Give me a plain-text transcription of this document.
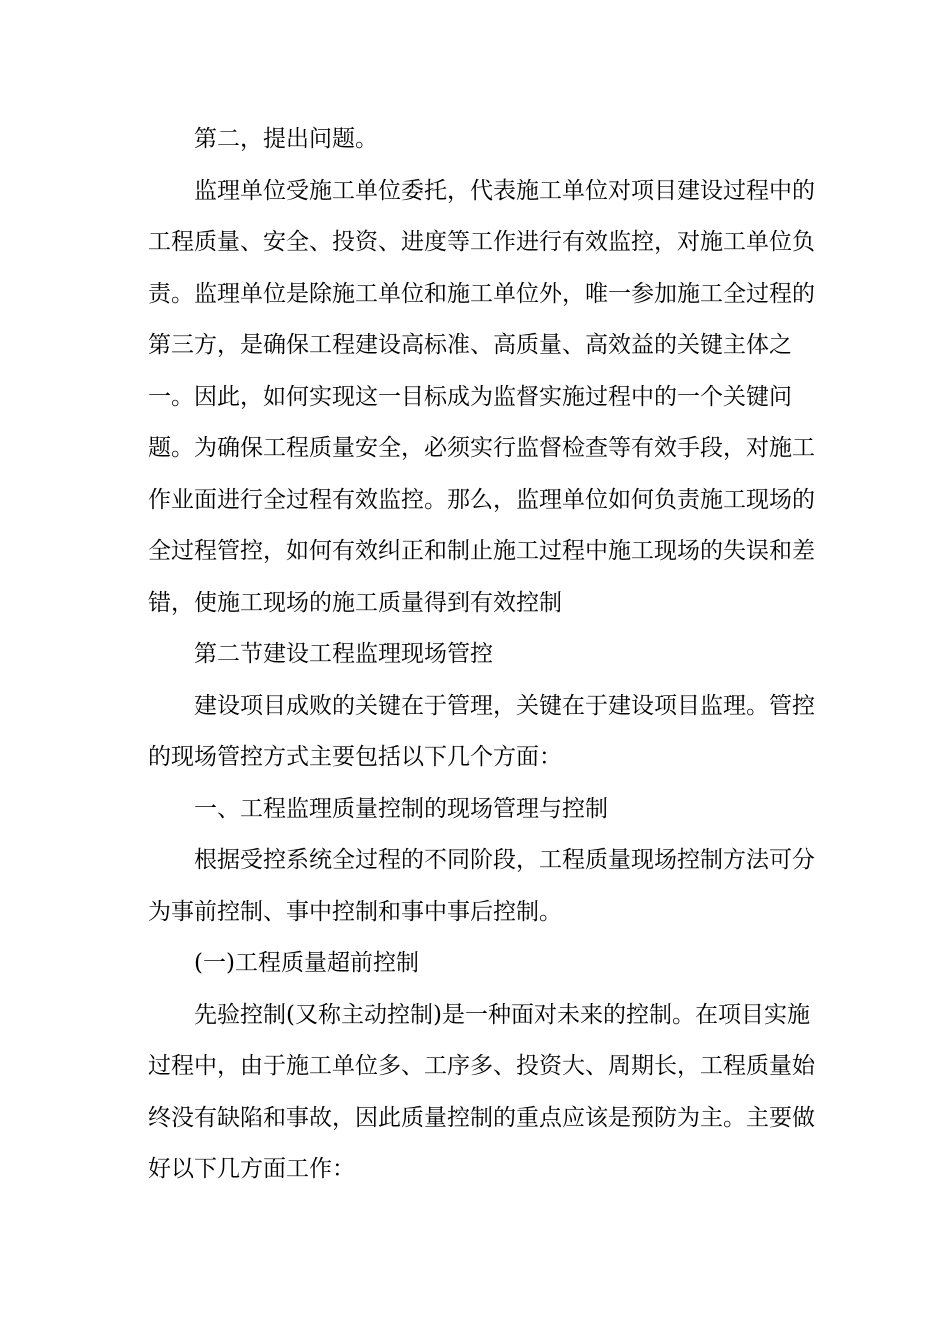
第二，提出问题。
监理单位受施工单位委托，代表施工单位对项目建设过程中的
工程质量、安全、投资、进度等工作进行有效监控，对施工单位负
责。监理单位是除施工单位和施工单位外，唯一参加施工全过程的
第三方，是确保工程建设高标准、高质量、高效益的关键主体之
一。因此，如何实现这一目标成为监督实施过程中的一个关键问
题。为确保工程质量安全，必须实行监督检查等有效手段，对施工
作业面进行全过程有效监控。那么，监理单位如何负责施工现场的
全过程管控，如何有效纠正和制止施工过程中施工现场的失误和差
错，使施工现场的施工质量得到有效控制
第二节建设工程监理现场管控
建设项目成败的关键在于管理，关键在于建设项目监理。管控
的现场管控方式主要包括以下几个方面：
一、工程监理质量控制的现场管理与控制
根据受控系统全过程的不同阶段，工程质量现场控制方法可分
为事前控制、事中控制和事中事后控制。
(一)工程质量超前控制
先验控制(又称主动控制)是一种面对未来的控制。在项目实施
过程中，由于施工单位多、工序多、投资大、周期长，工程质量始
终没有缺陷和事故，因此质量控制的重点应该是预防为主。主要做
好以下几方面工作：
